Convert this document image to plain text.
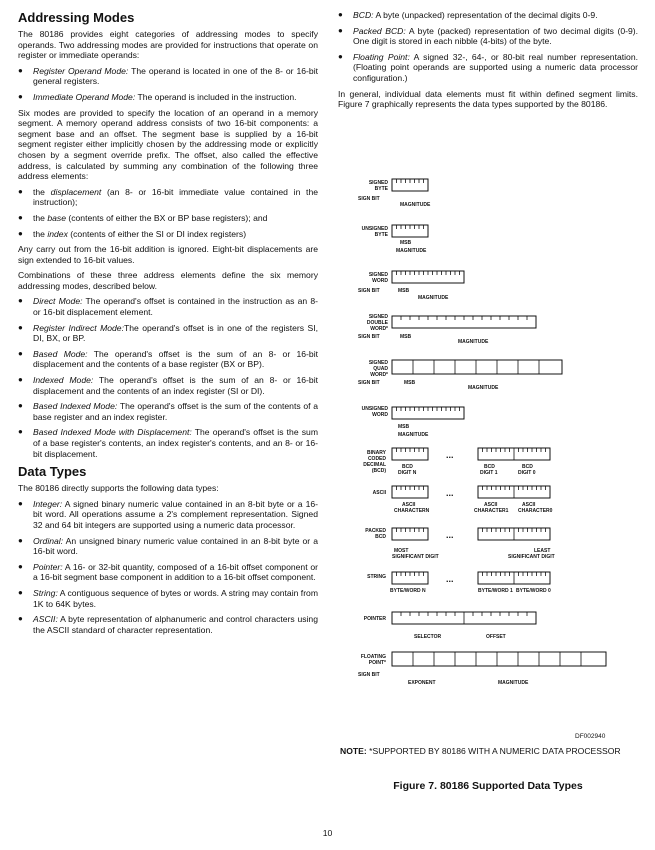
Addressing Modes

The 80186 provides eight categories of addressing modes to specify operands. Two addressing modes are provided for instructions that operate on register or immediate operands:

● Register Operand Mode: The operand is located in one of the 8- or 16-bit general registers.
● Immediate Operand Mode: The operand is included in the instruction.

Six modes are provided to specify the location of an operand in a memory segment. A memory operand address consists of two 16-bit components: a segment base and an offset. The segment base is supplied by a 16-bit segment register either implicitly chosen by the addressing mode or explicitly chosen by a segment override prefix. The offset, also called the effective address, is calculated by summing any combination of the following three address elements:

● the displacement (an 8- or 16-bit immediate value contained in the instruction);
● the base (contents of either the BX or BP base registers); and
● the index (contents of either the SI or DI index registers)

Any carry out from the 16-bit addition is ignored. Eight-bit displacements are sign extended to 16-bit values.

Combinations of these three address elements define the six memory addressing modes, described below.

● Direct Mode: The operand's offset is contained in the instruction as an 8- or 16-bit displacement element.
● Register Indirect Mode:The operand's offset is in one of the registers SI, DI, BX, or BP.
● Based Mode: The operand's offset is the sum of an 8- or 16-bit displacement and the contents of a base register (BX or BP).
● Indexed Mode: The operand's offset is the sum of an 8- or 16-bit displacement and the contents of an index register (SI or DI).
● Based Indexed Mode: The operand's offset is the sum of the contents of a base register and an index register.
● Based Indexed Mode with Displacement: The operand's offset is the sum of a base register's contents, an index register's contents, and an 8- or 16-bit displacement.
Data Types

The 80186 directly supports the following data types:

● Integer: A signed binary numeric value contained in an 8-bit byte or a 16-bit word. All operations assume a 2's complement representation. Signed 32 and 64 bit integers are supported using a numeric data processor.
● Ordinal: An unsigned binary numeric value contained in an 8-bit byte or a 16-bit word.
● Pointer: A 16- or 32-bit quantity, composed of a 16-bit offset component or a 16-bit segment base component in addition to a 16-bit offset component.
● String: A contiguous sequence of bytes or words. A string may contain from 1K to 64K bytes.
● ASCII: A byte representation of alphanumeric and control characters using the ASCII standard of character representation.
● BCD: A byte (unpacked) representation of the decimal digits 0-9.
● Packed BCD: A byte (packed) representation of two decimal digits (0-9). One digit is stored in each nibble (4-bits) of the byte.
● Floating Point: A signed 32-, 64-, or 80-bit real number representation. (Floating point operands are supported using a numeric data processor configuration.)

In general, individual data elements must fit within defined segment limits. Figure 7 graphically represents the data types supported by the 80186.

SIGNED
BYTE
SIGN BIT
MAGNITUDE
UNSIGNED
BYTE
MSB
MAGNITUDE
SIGNED
WORD
SIGN BIT	MSB
MAGNITUDE
SIGNED
DOUBLE
WORD*
SIGN BIT	MSB
MAGNITUDE
SIGNED
QUAD
WORD*
SIGN BIT	MSB
MAGNITUDE
UNSIGNED
WORD
MSB
MAGNITUDE
BINARY
CODED
DECIMAL
(BCD)
...
BCD
DIGIT N
BCD
DIGIT 1
BCD
DIGIT 0
ASCII	...
ASCII
CHARACTERN
ASCII
CHARACTER1
ASCII
CHARACTER0
PACKED
BCD	...
MOST
SIGNIFICANT DIGIT
LEAST
SIGNIFICANT DIGIT
STRING	...
BYTE/WORD N	BYTE/WORD 1 BYTE/WORD 0
POINTER
SELECTOR	OFFSET
FLOATING
POINT*
SIGN BIT
EXPONENT	MAGNITUDE
DF002940
NOTE: *SUPPORTED BY 80186 WITH A NUMERIC DATA PROCESSOR
Figure 7. 80186 Supported Data Types
10
